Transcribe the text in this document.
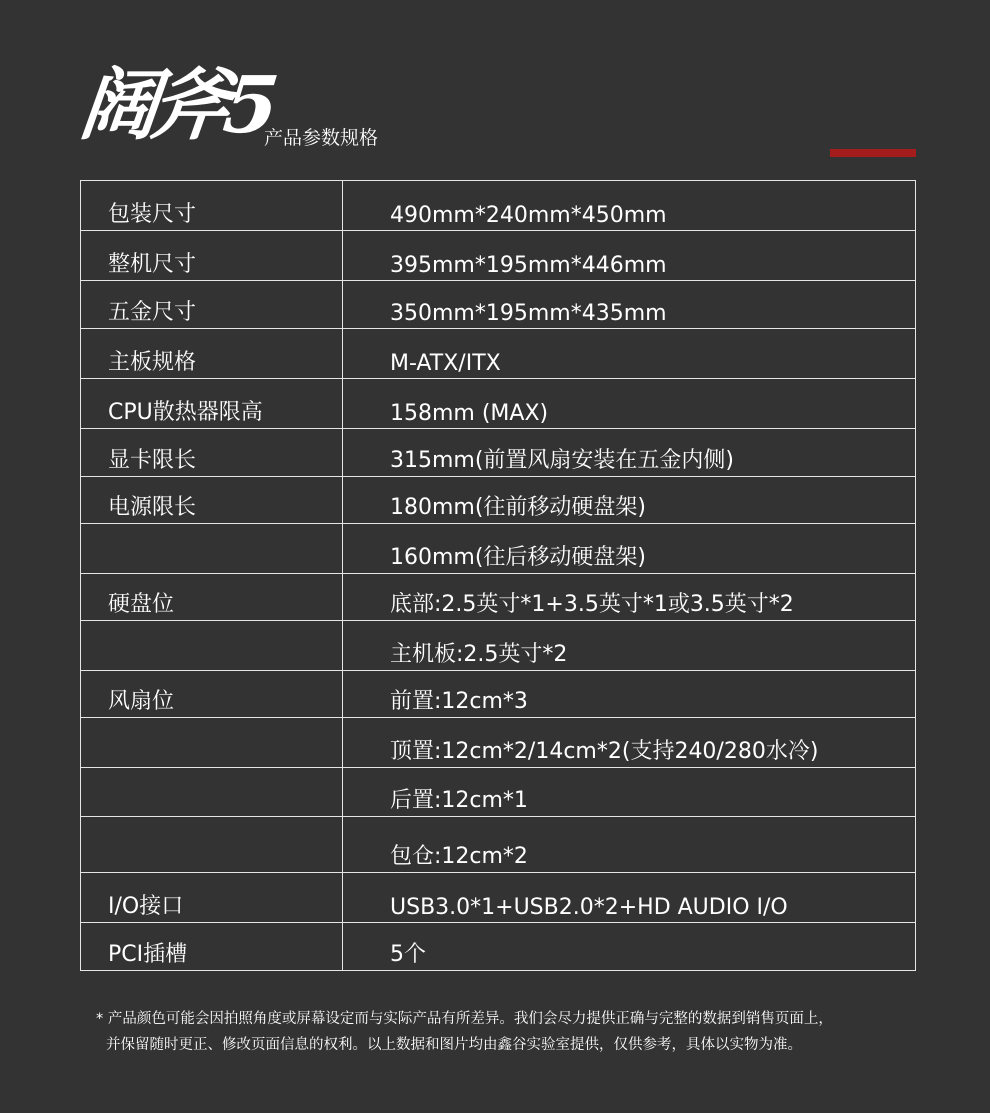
阔斧5
产品参数规格
包装尺寸	490mm*240mm*450mm
整机尺寸	395mm*195mm*446mm
五金尺寸	350mm*195mm*435mm
主板规格	M-ATX/ITX
CPU散热器限高	158mm (MAX)
显卡限长	315mm(前置风扇安装在五金内侧)
电源限长	180mm(往前移动硬盘架)
	160mm(往后移动硬盘架)
硬盘位	底部:2.5英寸*1+3.5英寸*1或3.5英寸*2
	主机板:2.5英寸*2
风扇位	前置:12cm*3
	顶置:12cm*2/14cm*2(支持240/280水冷)
	后置:12cm*1
	包仓:12cm*2
I/O接口	USB3.0*1+USB2.0*2+HD AUDIO I/O
PCI插槽	5个
* 产品颜色可能会因拍照角度或屏幕设定而与实际产品有所差异。我们会尽力提供正确与完整的数据到销售页面上，
并保留随时更正、修改页面信息的权利。以上数据和图片均由鑫谷实验室提供，仅供参考，具体以实物为准。
